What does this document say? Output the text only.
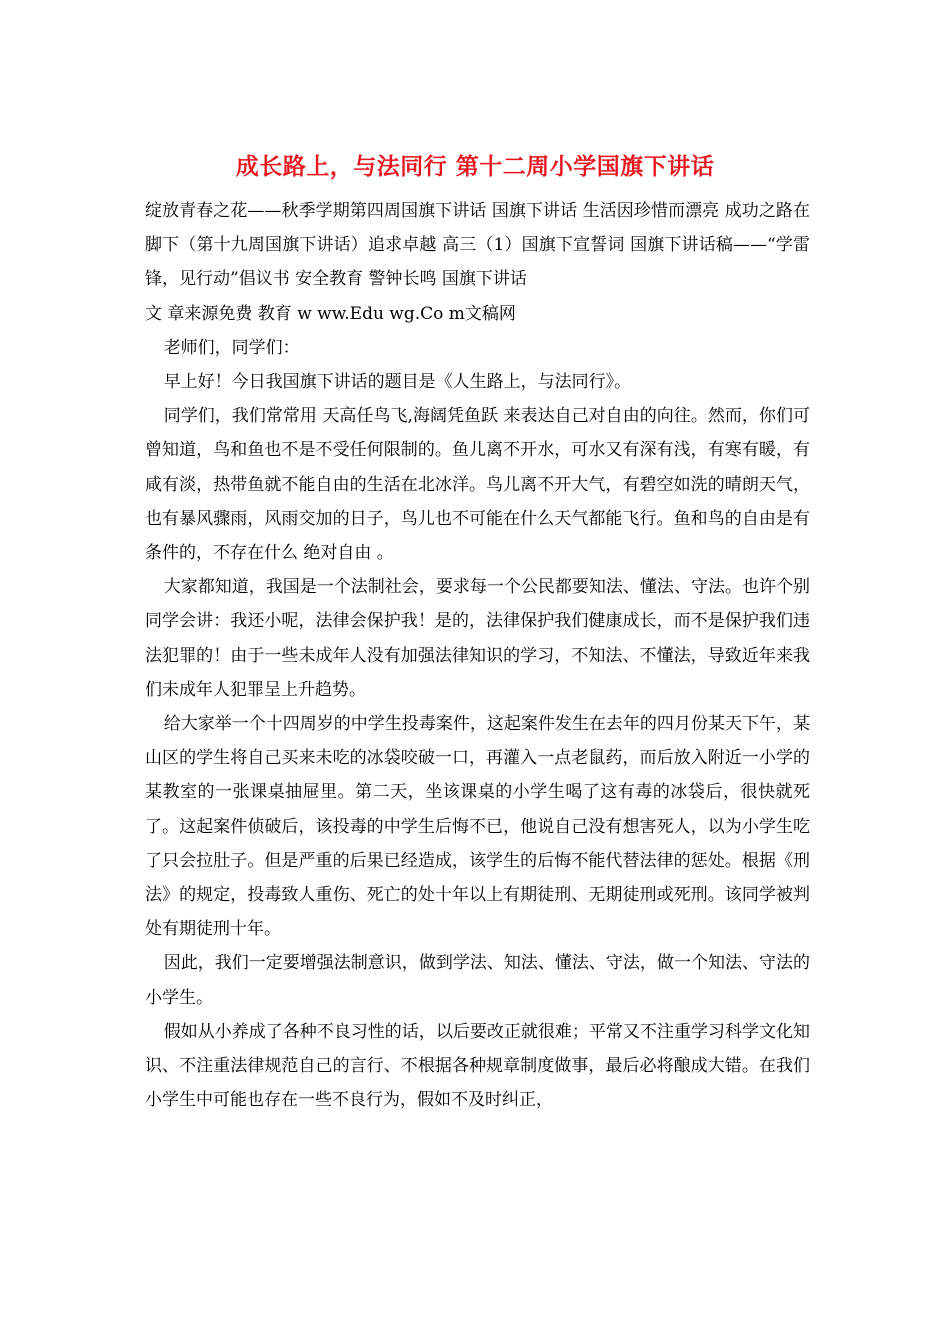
成长路上，与法同行 第十二周小学国旗下讲话

绽放青春之花——秋季学期第四周国旗下讲话 国旗下讲话 生活因珍惜而漂亮 成功之路在脚下（第十九周国旗下讲话）追求卓越 高三（1）国旗下宣誓词 国旗下讲话稿——“学雷锋，见行动”倡议书 安全教育 警钟长鸣 国旗下讲话

文 章来源免费 教育 w ww.Edu wg.Co m文稿网

老师们，同学们：

早上好！今日我国旗下讲话的题目是《人生路上，与法同行》。

同学们，我们常常用 天高任鸟飞,海阔凭鱼跃 来表达自己对自由的向往。然而，你们可曾知道，鸟和鱼也不是不受任何限制的。鱼儿离不开水，可水又有深有浅，有寒有暖，有咸有淡，热带鱼就不能自由的生活在北冰洋。鸟儿离不开大气，有碧空如洗的晴朗天气，也有暴风骤雨，风雨交加的日子，鸟儿也不可能在什么天气都能飞行。鱼和鸟的自由是有条件的，不存在什么 绝对自由 。

大家都知道，我国是一个法制社会，要求每一个公民都要知法、懂法、守法。也许个别同学会讲：我还小呢，法律会保护我！是的，法律保护我们健康成长，而不是保护我们违法犯罪的！由于一些未成年人没有加强法律知识的学习，不知法、不懂法，导致近年来我们未成年人犯罪呈上升趋势。

给大家举一个十四周岁的中学生投毒案件，这起案件发生在去年的四月份某天下午，某山区的学生将自己买来未吃的冰袋咬破一口，再灌入一点老鼠药，而后放入附近一小学的某教室的一张课桌抽屉里。第二天，坐该课桌的小学生喝了这有毒的冰袋后，很快就死了。这起案件侦破后，该投毒的中学生后悔不已，他说自己没有想害死人，以为小学生吃了只会拉肚子。但是严重的后果已经造成，该学生的后悔不能代替法律的惩处。根据《刑法》的规定，投毒致人重伤、死亡的处十年以上有期徒刑、无期徒刑或死刑。该同学被判处有期徒刑十年。

因此，我们一定要增强法制意识，做到学法、知法、懂法、守法，做一个知法、守法的小学生。

假如从小养成了各种不良习性的话，以后要改正就很难；平常又不注重学习科学文化知识、不注重法律规范自己的言行、不根据各种规章制度做事，最后必将酿成大错。在我们小学生中可能也存在一些不良行为，假如不及时纠正，
